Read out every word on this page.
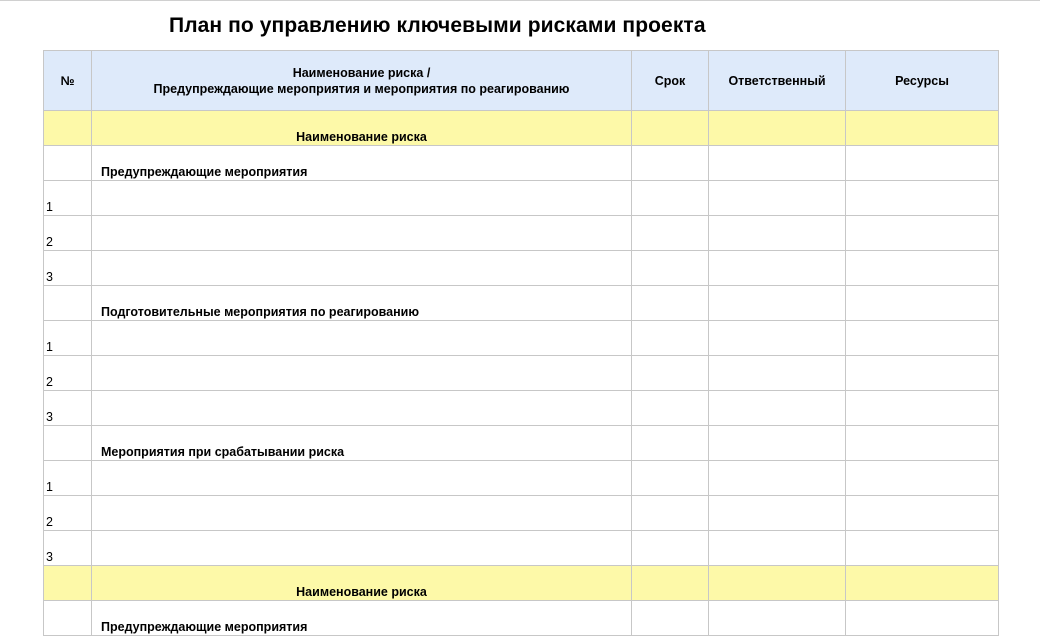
План по управлению ключевыми рисками проекта
№	Наименование риска /
Предупреждающие мероприятия и мероприятия по реагированию	Срок	Ответственный	Ресурсы
	Наименование риска			
	Предупреждающие мероприятия			
1				
2				
3				
	Подготовительные мероприятия по реагированию			
1				
2				
3				
	Мероприятия при срабатывании риска			
1				
2				
3				
	Наименование риска			
	Предупреждающие мероприятия			
